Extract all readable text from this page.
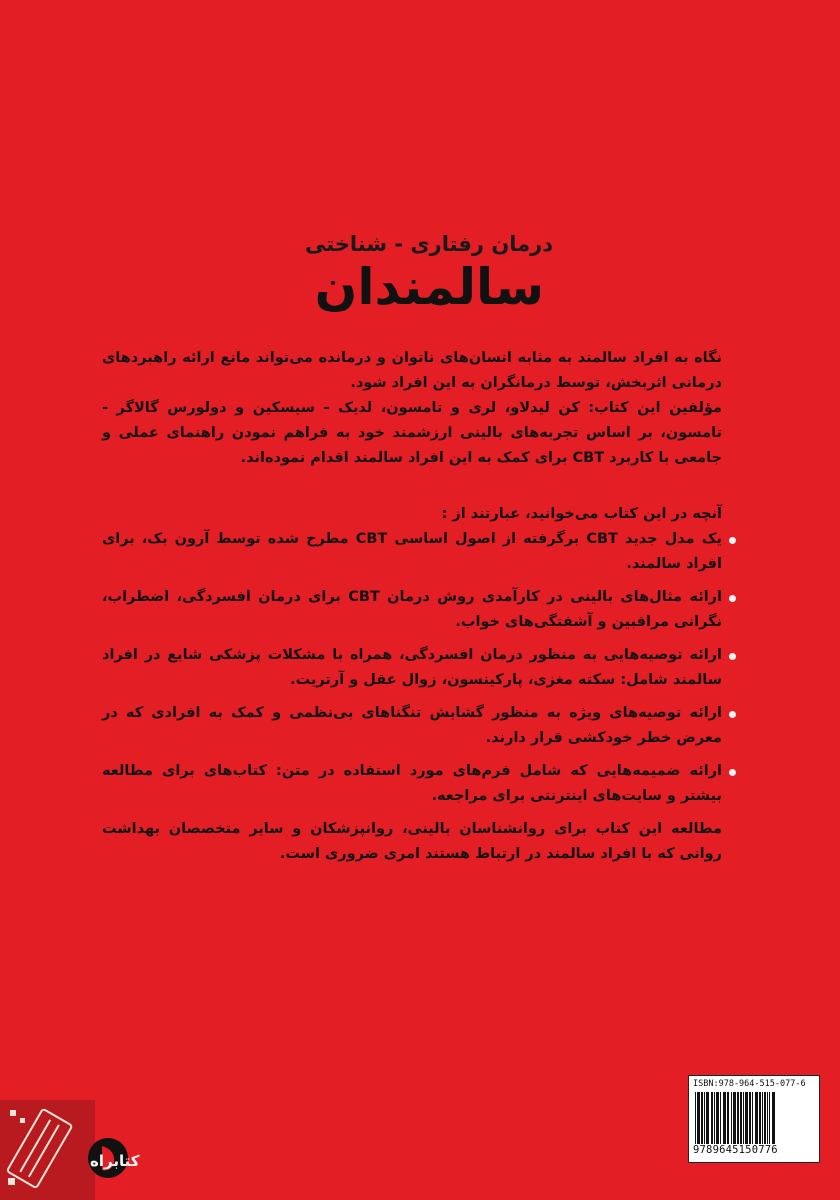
درمان رفتاری - شناختی
سالمندان

نگاه به افراد سالمند به مثابه انسان‌های ناتوان و درمانده می‌تواند مانع ارائه راهبردهای درمانی اثربخش، توسط درمانگران به این افراد شود.

مؤلفین این کتاب: کن لیدلاو، لری و تامسون، لدیک - سیسکین و دولورس گالاگر - تامسون، بر اساس تجربه‌های بالینی ارزشمند خود به فراهم نمودن راهنمای عملی و جامعی با کاربرد CBT برای کمک به این افراد سالمند اقدام نموده‌اند.

آنچه در این کتاب می‌خوانید، عبارتند از :

یک مدل جدید CBT برگرفته از اصول اساسی CBT مطرح شده توسط آرون بک، برای افراد سالمند.
ارائه مثال‌های بالینی در کارآمدی روش درمان CBT برای درمان افسردگی، اضطراب، نگرانی مراقبین و آشفتگی‌های خواب.
ارائه توصیه‌هایی به منظور درمان افسردگی، همراه با مشکلات پزشکی شایع در افراد سالمند شامل: سکته مغزی، پارکینسون، زوال عقل و آرتریت.
ارائه توصیه‌های ویژه به منظور گشایش تنگناهای بی‌نظمی و کمک به افرادی که در معرض خطر خودکشی قرار دارند.
ارائه ضمیمه‌هایی که شامل فرم‌های مورد استفاده در متن: کتاب‌های برای مطالعه بیشتر و سایت‌های اینترنتی برای مراجعه.

مطالعه این کتاب برای روانشناسان بالینی، روانپزشکان و سایر متخصصان بهداشت روانی که با افراد سالمند در ارتباط هستند امری ضروری است.

ISBN:978-964-515-077-6
9789645150776
کتابراه
